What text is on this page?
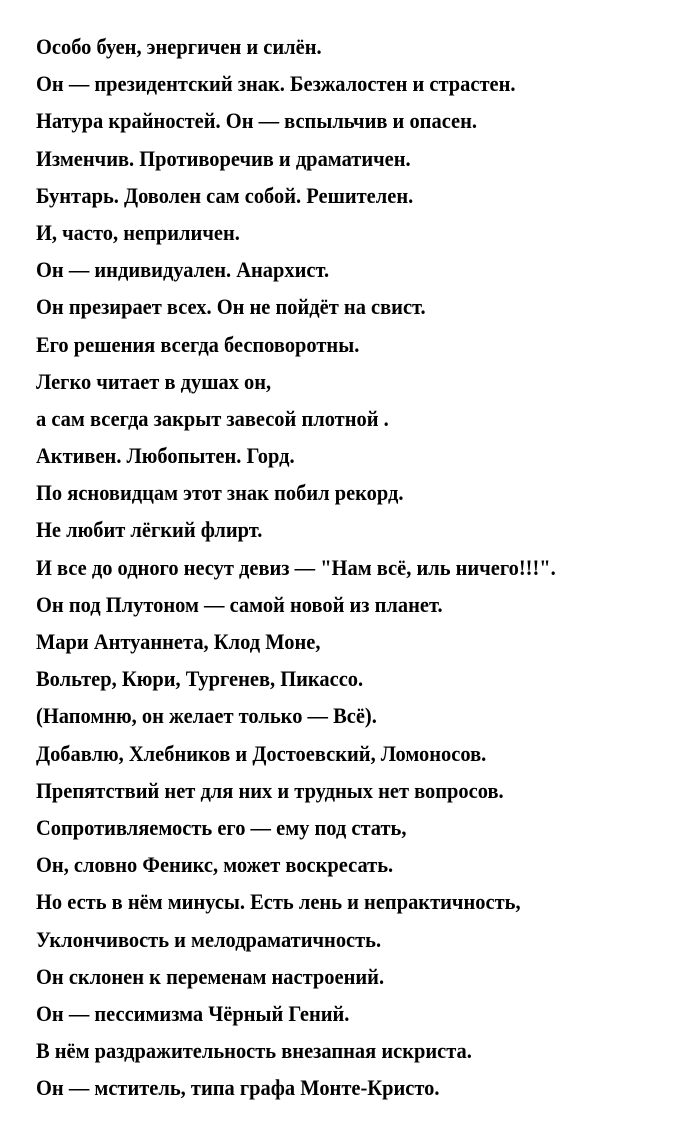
Особо буен, энергичен и силён.
Он — президентский знак. Безжалостен и страстен.
Натура крайностей. Он — вспыльчив и опасен.
Изменчив. Противоречив и драматичен.
Бунтарь. Доволен сам собой. Решителен.
И, часто, неприличен.
Он — индивидуален. Анархист.
Он презирает всех. Он не пойдёт на свист.
Его решения всегда бесповоротны.
Легко читает в душах он,
а сам всегда закрыт завесой плотной .
Активен. Любопытен. Горд.
По ясновидцам этот знак побил рекорд.
Не любит лёгкий флирт.
И все до одного несут девиз — "Нам всё, иль ничего!!!".
Он под Плутоном — самой новой из планет.
Мари Антуаннета, Клод Моне,
Вольтер, Кюри, Тургенев, Пикассо.
(Напомню, он желает только — Всё).
Добавлю, Хлебников и Достоевский, Ломоносов.
Препятствий нет для них и трудных нет вопросов.
Сопротивляемость его — ему под стать,
Он, словно Феникс, может воскресать.
Но есть в нём минусы. Есть лень и непрактичность,
Уклончивость и мелодраматичность.
Он склонен к переменам настроений.
Он — пессимизма Чёрный Гений.
В нём раздражительность внезапная искриста.
Он — мститель, типа графа Монте-Кристо.
